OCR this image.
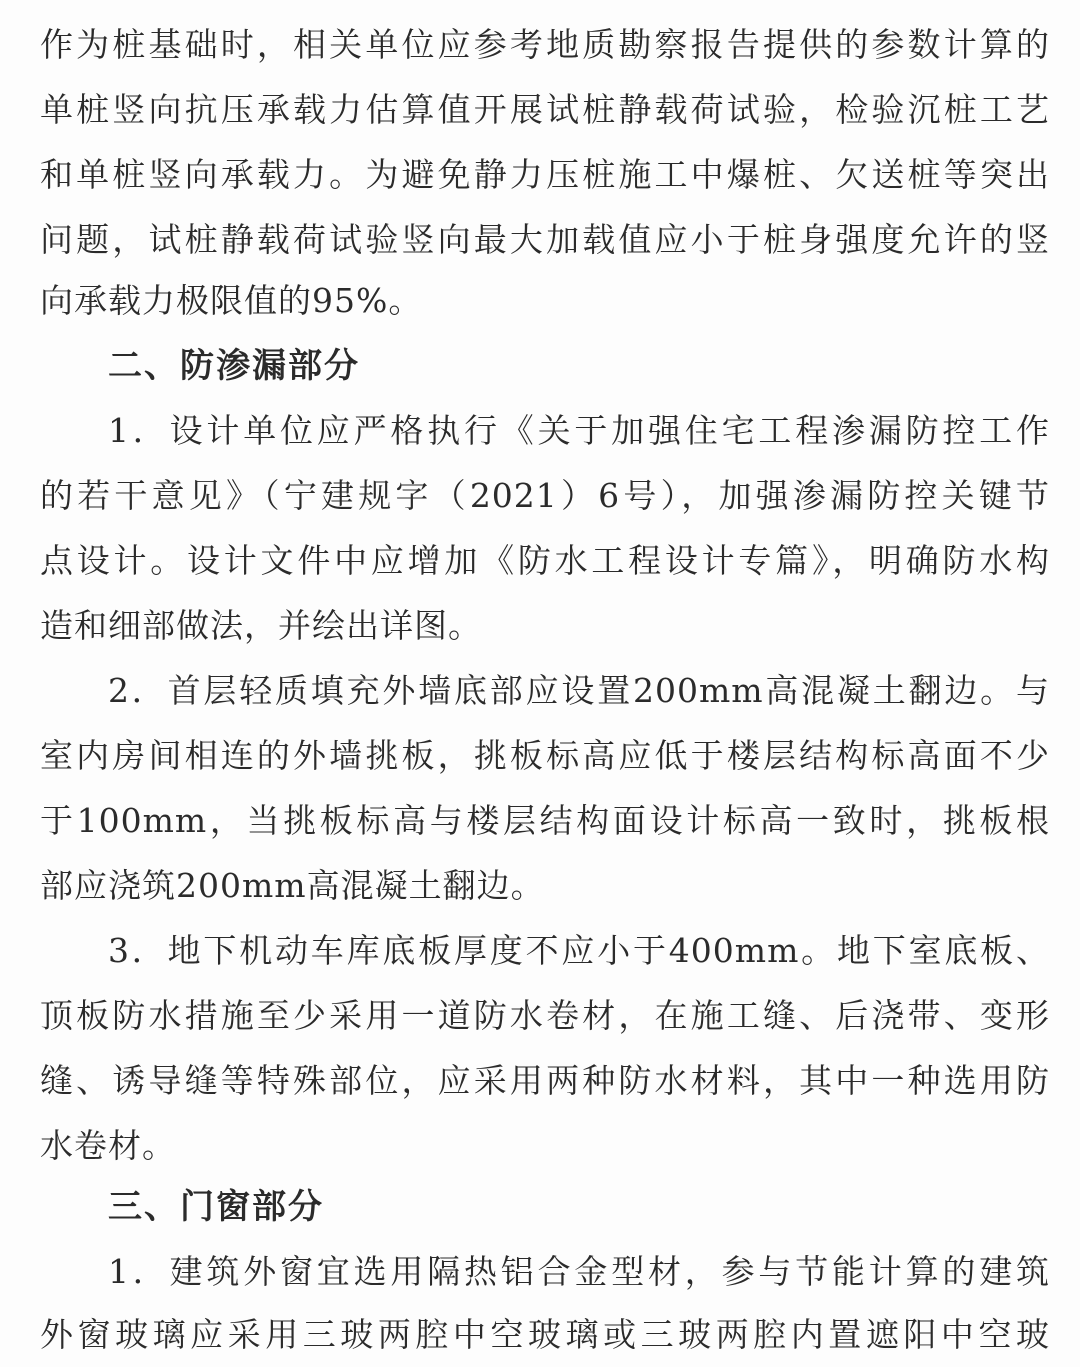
作为桩基础时，相关单位应参考地质勘察报告提供的参数计算的
单桩竖向抗压承载力估算值开展试桩静载荷试验，检验沉桩工艺
和单桩竖向承载力。为避免静力压桩施工中爆桩、欠送桩等突出
问题，试桩静载荷试验竖向最大加载值应小于桩身强度允许的竖
向承载力极限值的95%。
二、防渗漏部分
1．设计单位应严格执行《关于加强住宅工程渗漏防控工作
的若干意见》（宁建规字（2021）6号），加强渗漏防控关键节
点设计。设计文件中应增加《防水工程设计专篇》，明确防水构
造和细部做法，并绘出详图。
2．首层轻质填充外墙底部应设置200mm高混凝土翻边。与
室内房间相连的外墙挑板，挑板标高应低于楼层结构标高面不少
于100mm，当挑板标高与楼层结构面设计标高一致时，挑板根
部应浇筑200mm高混凝土翻边。
3．地下机动车库底板厚度不应小于400mm。地下室底板、
顶板防水措施至少采用一道防水卷材，在施工缝、后浇带、变形
缝、诱导缝等特殊部位，应采用两种防水材料，其中一种选用防
水卷材。
三、门窗部分
1．建筑外窗宜选用隔热铝合金型材，参与节能计算的建筑
外窗玻璃应采用三玻两腔中空玻璃或三玻两腔内置遮阳中空玻
